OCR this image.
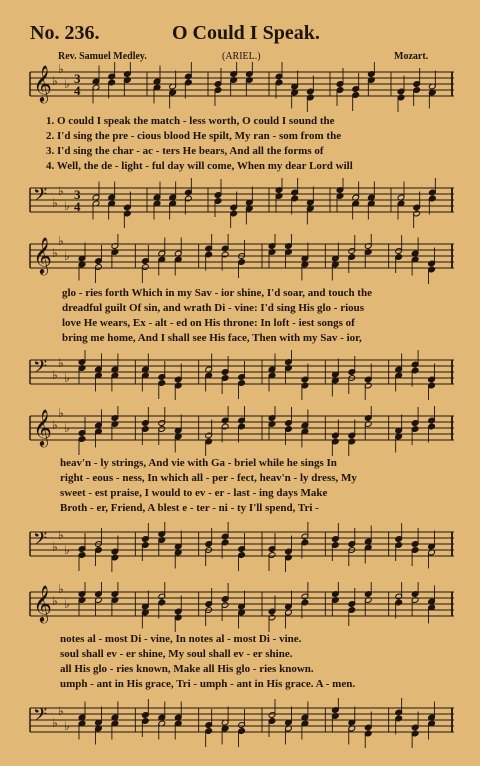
No. 236.	O Could I Speak.
Rev. Samuel Medley.	(ARIEL.)	Mozart.
𝄞 ♭
♭
♭ 3
4
1. O could I speak the match - less worth, O could I sound the
2. I'd sing the pre - cious blood He spilt, My ran - som from the
3. I'd sing the char - ac - ters He bears, And all the forms of
4. Well, the de - light - ful day will come, When my dear Lord will
𝄢 ♭
♭
♭
3
4
𝄞 ♭
♭
♭
glo - ries forth Which in my Sav - ior shine, I'd soar, and touch the
dreadful guilt Of sin, and wrath Di - vine: I'd sing His glo - rious
love He wears, Ex - alt - ed on His throne: In loft - iest songs of
bring me home, And I shall see His face, Then with my Sav - ior,
𝄢 ♭
♭
♭
𝄞 ♭
♭
♭
heav'n - ly strings, And vie with Ga - briel while he sings In
right - eous - ness, In which all - per - fect, heav'n - ly dress, My
sweet - est praise, I would to ev - er - last - ing days Make
Broth - er, Friend, A blest e - ter - ni - ty I'll spend, Tri -
𝄢 ♭
♭
♭
𝄞 ♭
♭
♭
notes al - most Di - vine, In notes al - most Di - vine.
soul shall ev - er shine, My soul shall ev - er shine.
all His glo - ries known, Make all His glo - ries known.
umph - ant in His grace, Tri - umph - ant in His grace. A - men.
𝄢 ♭
♭
♭
